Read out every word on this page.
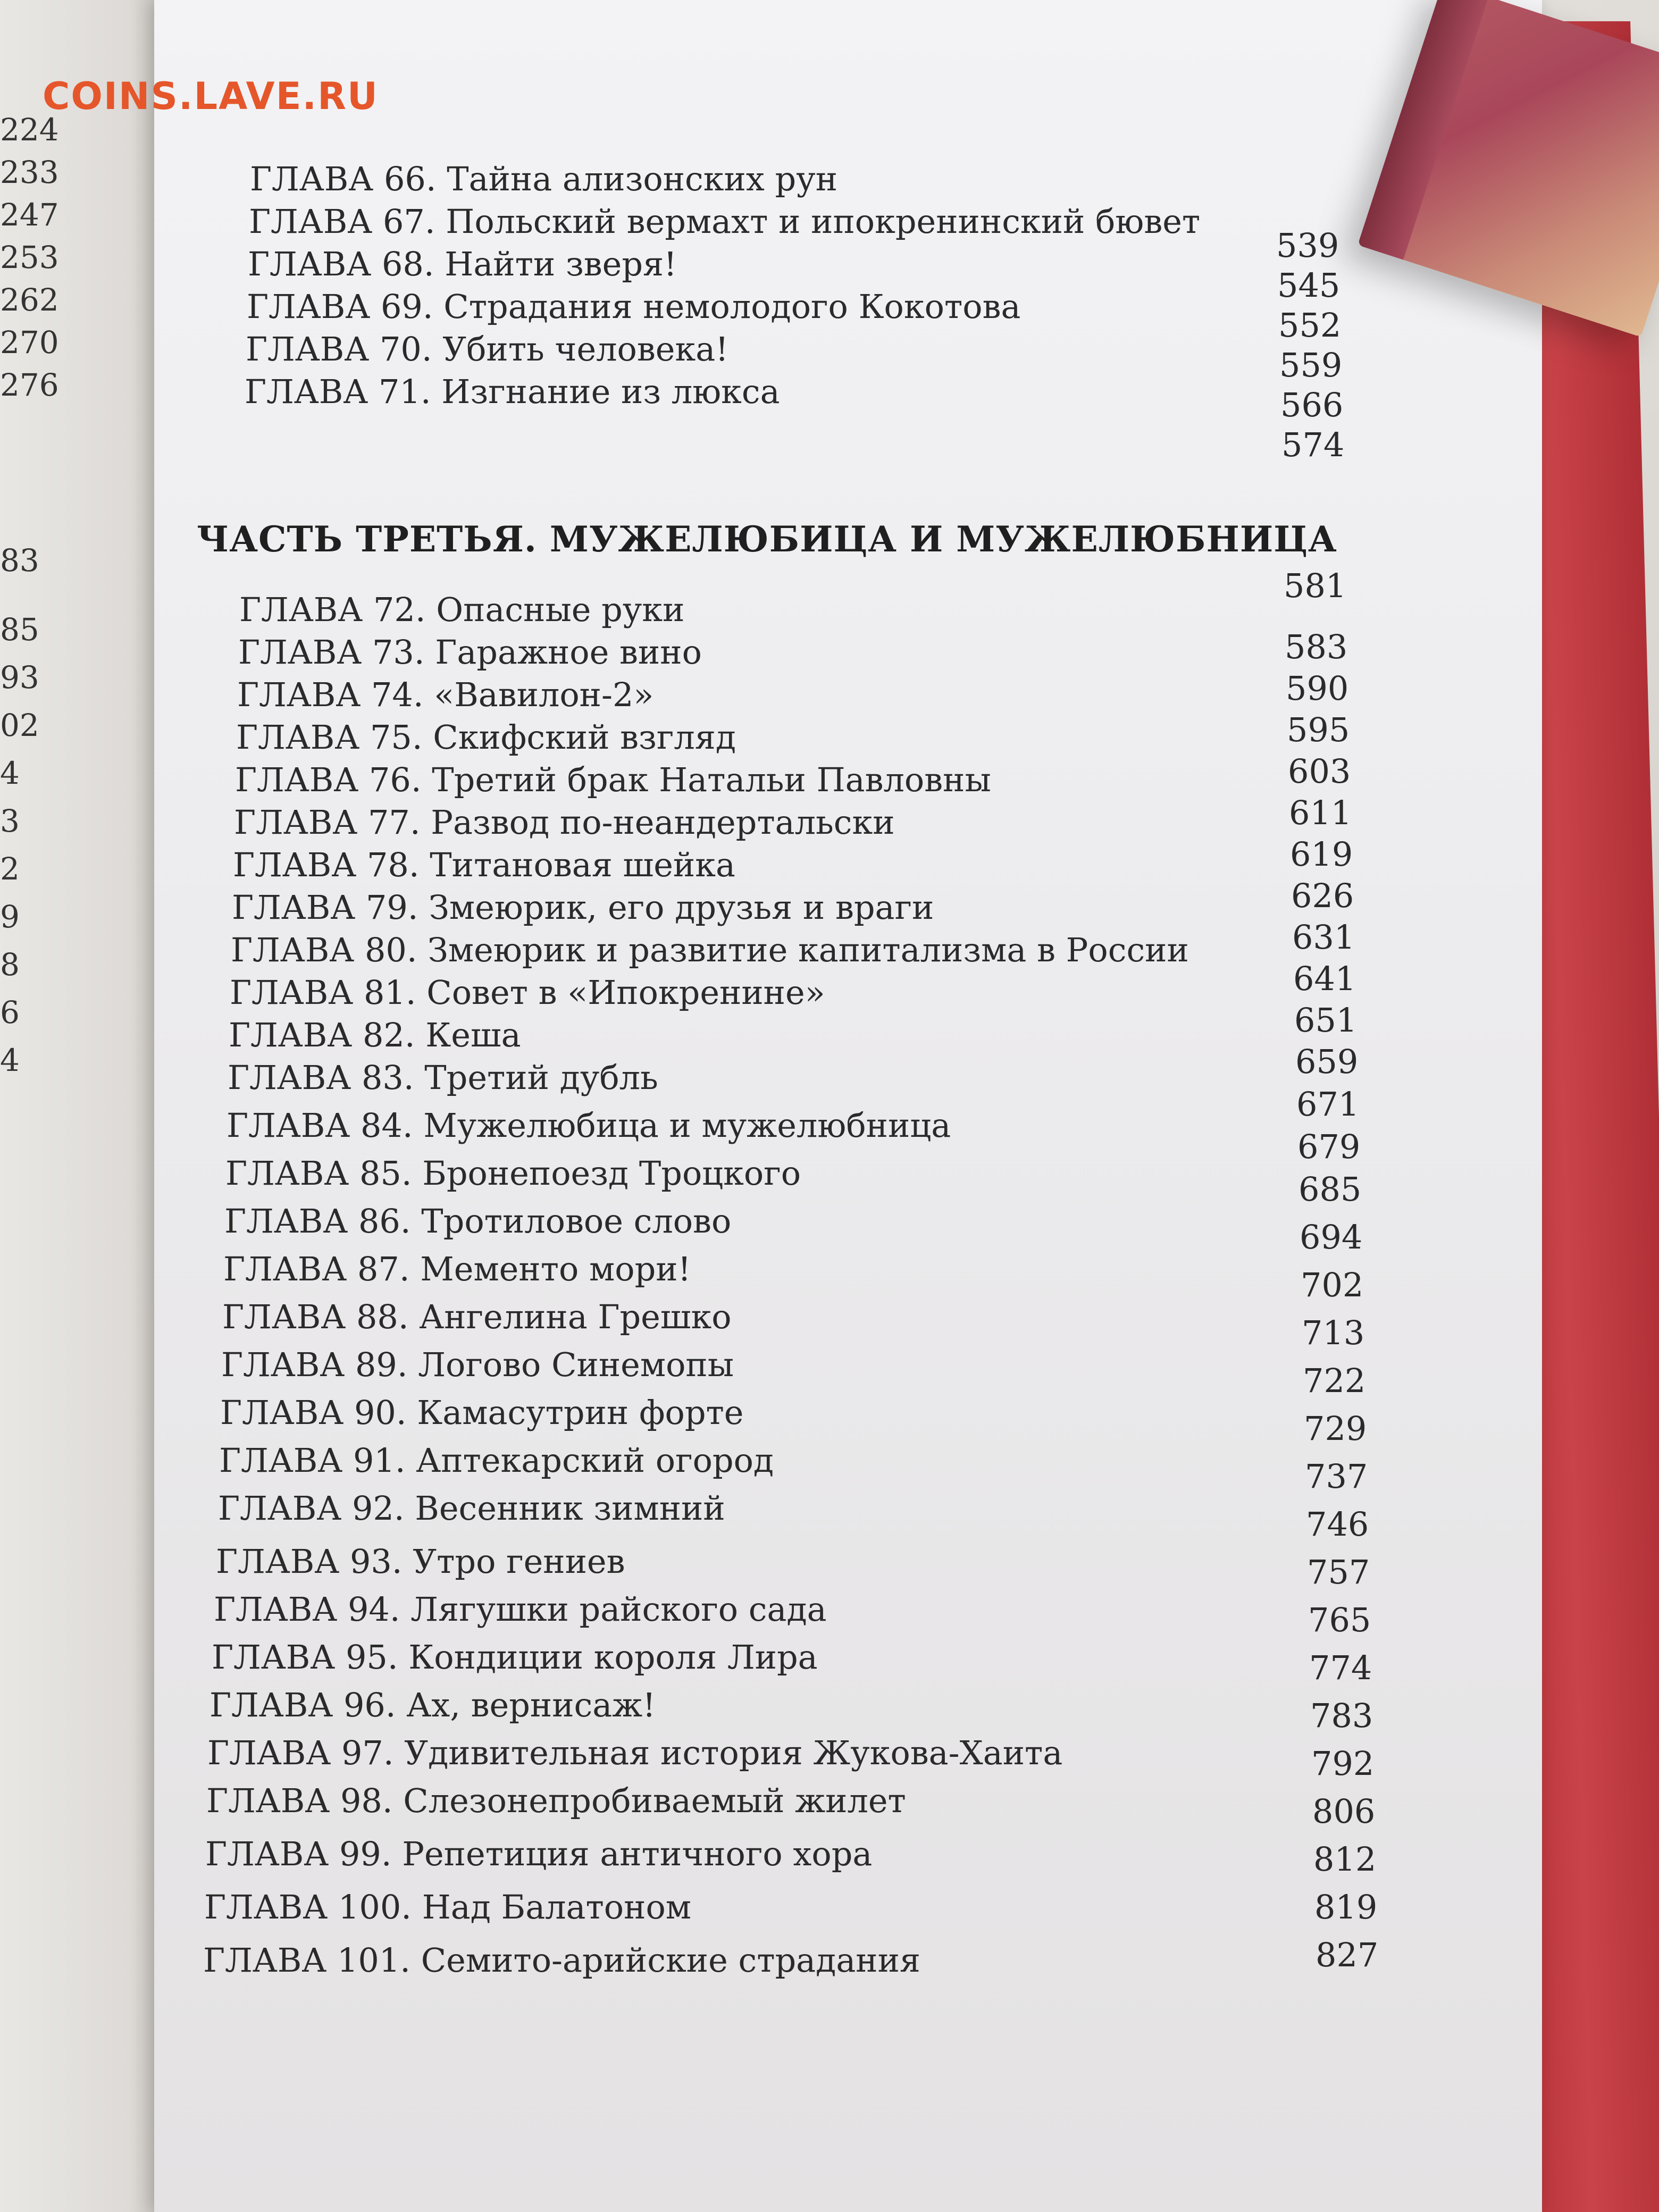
224
233
247
253
262
270
276
83
85
93
02
4
3
2
9
8
6
4
COINS.LAVE.RU
ГЛАВА 66. Тайна ализонских рун
ГЛАВА 67. Польский вермахт и ипокренинский бювет
ГЛАВА 68. Найти зверя!
ГЛАВА 69. Страдания немолодого Кокотова
ГЛАВА 70. Убить человека!
ГЛАВА 71. Изгнание из люкса
ЧАСТЬ ТРЕТЬЯ. МУЖЕЛЮБИЦА И МУЖЕЛЮБНИЦА
ГЛАВА 72. Опасные руки
ГЛАВА 73. Гаражное вино
ГЛАВА 74. «Вавилон-2»
ГЛАВА 75. Скифский взгляд
ГЛАВА 76. Третий брак Натальи Павловны
ГЛАВА 77. Развод по-неандертальски
ГЛАВА 78. Титановая шейка
ГЛАВА 79. Змеюрик, его друзья и враги
ГЛАВА 80. Змеюрик и развитие капитализма в России
ГЛАВА 81. Совет в «Ипокренине»
ГЛАВА 82. Кеша
ГЛАВА 83. Третий дубль
ГЛАВА 84. Мужелюбица и мужелюбница
ГЛАВА 85. Бронепоезд Троцкого
ГЛАВА 86. Тротиловое слово
ГЛАВА 87. Мементо мори!
ГЛАВА 88. Ангелина Грешко
ГЛАВА 89. Логово Синемопы
ГЛАВА 90. Камасутрин форте
ГЛАВА 91. Аптекарский огород
ГЛАВА 92. Весенник зимний
ГЛАВА 93. Утро гениев
ГЛАВА 94. Лягушки райского сада
ГЛАВА 95. Кондиции короля Лира
ГЛАВА 96. Ах, вернисаж!
ГЛАВА 97. Удивительная история Жукова-Хаита
ГЛАВА 98. Слезонепробиваемый жилет
ГЛАВА 99. Репетиция античного хора
ГЛАВА 100. Над Балатоном
ГЛАВА 101. Семито-арийские страдания
539
545
552
559
566
574
581
583
590
595
603
611
619
626
631
641
651
659
671
679
685
694
702
713
722
729
737
746
757
765
774
783
792
806
812
819
827
